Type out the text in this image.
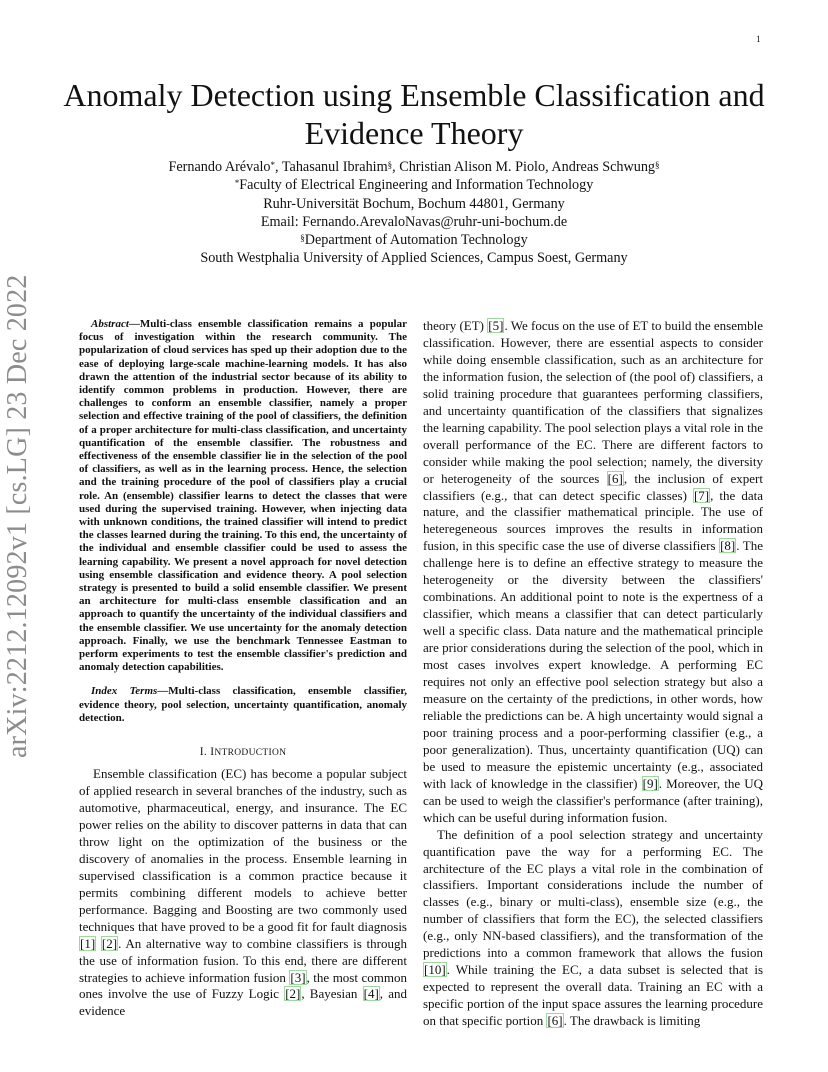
1
arXiv:2212.12092v1 [cs.LG] 23 Dec 2022
Anomaly Detection using Ensemble Classification and Evidence Theory
Fernando Arévalo*, Tahasanul Ibrahim§, Christian Alison M. Piolo, Andreas Schwung§
*Faculty of Electrical Engineering and Information Technology
Ruhr-Universität Bochum, Bochum 44801, Germany
Email: Fernando.ArevaloNavas@ruhr-uni-bochum.de
§Department of Automation Technology
South Westphalia University of Applied Sciences, Campus Soest, Germany

Abstract—Multi-class ensemble classification remains a popular focus of investigation within the research community. The popularization of cloud services has sped up their adoption due to the ease of deploying large-scale machine-learning models. It has also drawn the attention of the industrial sector because of its ability to identify common problems in production. However, there are challenges to conform an ensemble classifier, namely a proper selection and effective training of the pool of classifiers, the definition of a proper architecture for multi-class classification, and uncertainty quantification of the ensemble classifier. The robustness and effectiveness of the ensemble classifier lie in the selection of the pool of classifiers, as well as in the learning process. Hence, the selection and the training procedure of the pool of classifiers play a crucial role. An (ensemble) classifier learns to detect the classes that were used during the supervised training. However, when injecting data with unknown conditions, the trained classifier will intend to predict the classes learned during the training. To this end, the uncertainty of the individual and ensemble classifier could be used to assess the learning capability. We present a novel approach for novel detection using ensemble classification and evidence theory. A pool selection strategy is presented to build a solid ensemble classifier. We present an architecture for multi-class ensemble classification and an approach to quantify the uncertainty of the individual classifiers and the ensemble classifier. We use uncertainty for the anomaly detection approach. Finally, we use the benchmark Tennessee Eastman to perform experiments to test the ensemble classifier's prediction and anomaly detection capabilities.

Index Terms—Multi-class classification, ensemble classifier, evidence theory, pool selection, uncertainty quantification, anomaly detection.

I. INTRODUCTION

Ensemble classification (EC) has become a popular subject of applied research in several branches of the industry, such as automotive, pharmaceutical, energy, and insurance. The EC power relies on the ability to discover patterns in data that can throw light on the optimization of the business or the discovery of anomalies in the process. Ensemble learning in supervised classification is a common practice because it permits combining different models to achieve better performance. Bagging and Boosting are two commonly used techniques that have proved to be a good fit for fault diagnosis [1] [2]. An alternative way to combine classifiers is through the use of information fusion. To this end, there are different strategies to achieve information fusion [3], the most common ones involve the use of Fuzzy Logic [2], Bayesian [4], and evidence

theory (ET) [5]. We focus on the use of ET to build the ensemble classification. However, there are essential aspects to consider while doing ensemble classification, such as an architecture for the information fusion, the selection of (the pool of) classifiers, a solid training procedure that guarantees performing classifiers, and uncertainty quantification of the classifiers that signalizes the learning capability. The pool selection plays a vital role in the overall performance of the EC. There are different factors to consider while making the pool selection; namely, the diversity or heterogeneity of the sources [6], the inclusion of expert classifiers (e.g., that can detect specific classes) [7], the data nature, and the classifier mathematical principle. The use of heteregeneous sources improves the results in information fusion, in this specific case the use of diverse classifiers [8]. The challenge here is to define an effective strategy to measure the heterogeneity or the diversity between the classifiers' combinations. An additional point to note is the expertness of a classifier, which means a classifier that can detect particularly well a specific class. Data nature and the mathematical principle are prior considerations during the selection of the pool, which in most cases involves expert knowledge. A performing EC requires not only an effective pool selection strategy but also a measure on the certainty of the predictions, in other words, how reliable the predictions can be. A high uncertainty would signal a poor training process and a poor-performing classifier (e.g., a poor generalization). Thus, uncertainty quantification (UQ) can be used to measure the epistemic uncertainty (e.g., associated with lack of knowledge in the classifier) [9]. Moreover, the UQ can be used to weigh the classifier's performance (after training), which can be useful during information fusion.

The definition of a pool selection strategy and uncertainty quantification pave the way for a performing EC. The architecture of the EC plays a vital role in the combination of classifiers. Important considerations include the number of classes (e.g., binary or multi-class), ensemble size (e.g., the number of classifiers that form the EC), the selected classifiers (e.g., only NN-based classifiers), and the transformation of the predictions into a common framework that allows the fusion [10]. While training the EC, a data subset is selected that is expected to represent the overall data. Training an EC with a specific portion of the input space assures the learning procedure on that specific portion [6]. The drawback is limiting
